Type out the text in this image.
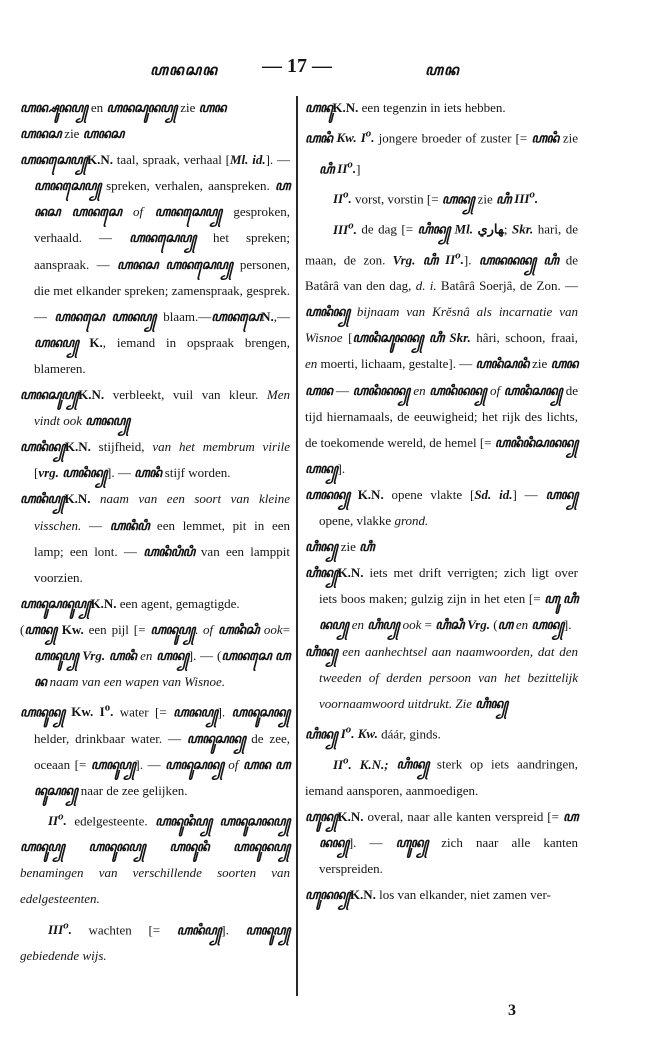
ꦲꦤꦱꦤ — 17 —	ꦲꦤ

ꦲꦤ꧀ꦱꦸꦤꦥ꧀ en ꦲꦤꦱꦸꦤꦥ꧀ zie ꦲꦤ

ꦲꦤꦱ zie ꦲꦤꦱ

ꦲꦤꦱꦺꦥ꧀K.N. taal, spraak, verhaal [Ml. id.]. — ꦲꦤꦱꦺꦥ꧀ spreken, verhalen, aanspreken. ꦲꦤꦱ ꦲꦤꦱꦺ of ꦲꦤꦱꦺꦥ꧀ gesproken, verhaald. — ꦲꦤꦱꦺꦥ꧀ het spreken; aanspraak. — ꦲꦤꦱ ꦲꦤꦱꦺꦥ꧀ personen, die met elkander spreken; zamenspraak, gesprek. — ꦲꦤꦱꦺ ꦲꦤꦥ꧀ blaam.—ꦲꦤꦱꦺN.,— ꦲꦤꦥ꧀ K., iemand in opspraak brengen, blameren.

ꦲꦤꦱꦸꦥ꧀K.N. verbleekt, vuil van kleur. Men vindt ook ꦲꦤꦥ꧀

ꦲꦤꦶꦤ꧀K.N. stijfheid, van het membrum virile [vrg. ꦲꦤꦶꦤ꧀]. — ꦲꦤꦶ stijf worden.

ꦲꦤꦶꦥ꧀K.N. naam van een soort van kleine visschen. — ꦲꦤꦶꦥꦶ een lemmet, pit in een lamp; een lont. — ꦲꦤꦶꦥꦶꦥꦶ van een lamppit voorzien.

ꦲꦤꦸꦱꦤꦸꦥ꧀K.N. een agent, gemagtigde.

(ꦲꦤ꧀ Kw. een pijl [= ꦲꦤꦸꦥ꧀. of ꦲꦤꦶꦱꦶ ook= ꦲꦤꦸꦥ꧀ Vrg. ꦲꦤꦶ en ꦲꦤ꧀]. — (ꦲꦤꦱꦺ ꦲꦤ naam van een wapen van Wisnoe.

ꦲꦤꦸꦤ꧀ Kw. $I^o$. water [= ꦲꦤꦥ꧀]. ꦲꦤꦸꦱꦤ꧀ helder, drinkbaar water. — ꦲꦤꦸꦱꦤ꧀ de zee, oceaan [= ꦲꦤꦸꦥ꧀]. — ꦲꦤꦸꦱꦤ꧀ of ꦲꦤ ꦲꦤꦸꦱꦤ꧀ naar de zee gelijken.

$II^o$. edelgesteente. ꦲꦤꦸꦤꦶꦥ꧀ ꦲꦤꦸꦱꦤꦥ꧀ ꦲꦤꦸꦥ꧀ ꦲꦤꦸꦤꦥ꧀ ꦲꦤꦸꦤꦶ ꦲꦤꦸꦤꦥ꧀ benamingen van verschillende soorten van edelgesteenten.

III$^o$. wachten [= ꦲꦤꦶꦥ꧀]. ꦲꦤꦸꦥ꧀ gebiedende wijs.

ꦲꦤꦸK.N. een tegenzin in iets hebben.

ꦲꦤꦶ Kw. $I^o$. jongere broeder of zuster [= ꦲꦤꦶ zie ꦲꦶ $II^o$.]

$II^o$. vorst, vorstin [= ꦲꦤ꧀ zie ꦲꦶ III$^o$.

III$^o$. de dag [= ꦲꦶꦤ꧀ Ml. ﮭﺎﺭﻱ; Skr. hari, de maan, de zon. Vrg. ꦲꦶ $II^o$.]. ꦲꦤꦤꦤ꧀ ꦲꦶ de Batârâ van den dag, d. i. Batârâ Soerjâ, de Zon. — ꦲꦤꦶꦤ꧀ bijnaam van Krĕsnâ als incarnatie van Wisnoe [ꦲꦤꦶꦱꦸꦤꦤ꧀ ꦲꦶ Skr. hâri, schoon, fraai, en moerti, lichaam, gestalte]. — ꦲꦤꦶꦱꦤꦶ zie ꦲꦤ ꦲꦤ — ꦲꦤꦶꦤꦤ꧀ en ꦲꦤꦶꦤꦤ꧀ of ꦲꦤꦶꦱꦤ꧀ de tijd hiernamaals, de eeuwigheid; het rijk des lichts, de toekomende wereld, de hemel [= ꦲꦤꦶꦤꦶꦱꦤꦤ꧀ ꦲꦤ꧀].

ꦲꦤꦤ꧀ K.N. opene vlakte [Sd. id.] — ꦲꦤ꧀ opene, vlakke grond.

ꦲꦶꦤ꧀ zie ꦲꦶ

ꦲꦶꦤ꧀K.N. iets met drift verrigten; zich ligt over iets boos maken; gulzig zijn in het eten [= ꦲꦸ ꦲꦶꦤꦥ꧀ en ꦲꦶꦥ꧀ ook = ꦲꦶꦱꦶ Vrg. (ꦲ en ꦲꦤ꧀].

ꦲꦶꦤ꧀ een aanhechtsel aan naamwoorden, dat den tweeden of derden persoon van het bezittelijk voornaamwoord uitdrukt. Zie ꦲꦶꦤ꧀

ꦲꦶꦤ꧀ $I^o$. Kw. dáár, ginds.

$II^o$. K.N.; ꦲꦶꦤ꧀ sterk op iets aandringen, iemand aansporen, aanmoedigen.

ꦲꦸꦤ꧀K.N. overal, naar alle kanten verspreid [= ꦲꦤꦤ꧀]. — ꦲꦸꦤ꧀ zich naar alle kanten verspreiden.

ꦲꦸꦤꦤ꧀K.N. los van elkander, niet zamen ver-

3
